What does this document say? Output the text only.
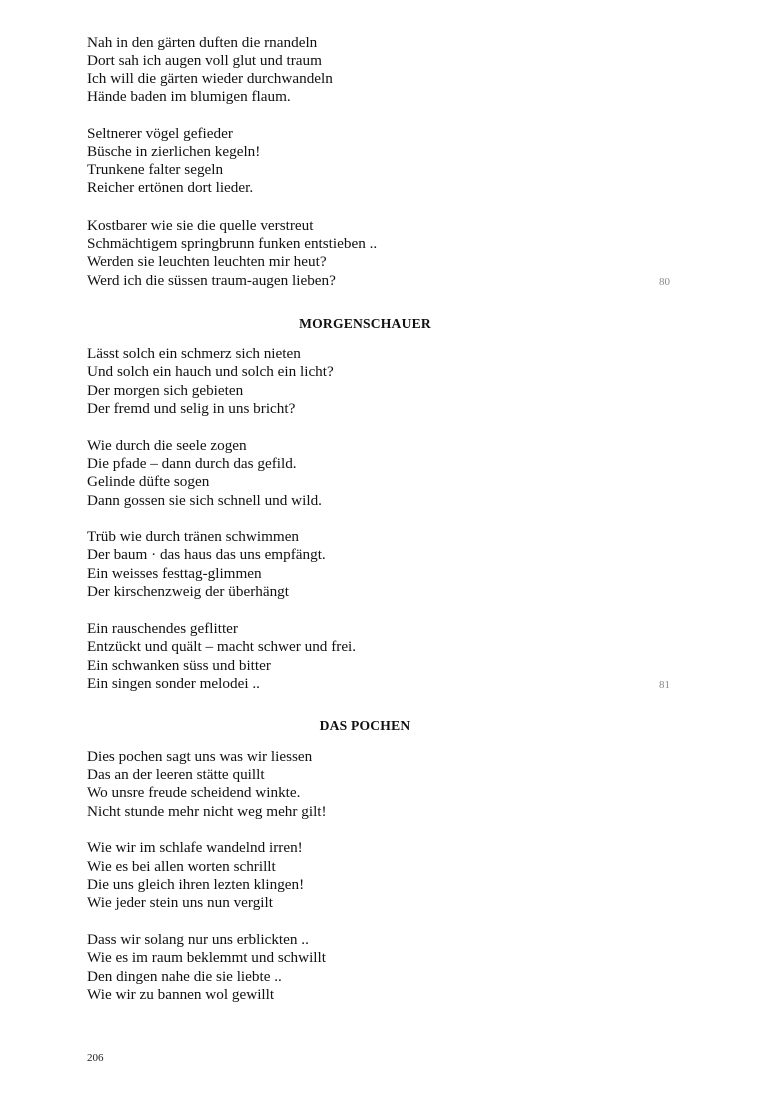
Nah in den gärten duften die rnandeln
Dort sah ich augen voll glut und traum
Ich will die gärten wieder durchwandeln
Hände baden im blumigen flaum.
Seltnerer vögel gefieder
Büsche in zierlichen kegeln!
Trunkene falter segeln
Reicher ertönen dort lieder.
Kostbarer wie sie die quelle verstreut
Schmächtigem springbrunn funken entstieben ..
Werden sie leuchten leuchten mir heut?
Werd ich die süssen traum-augen lieben?	80
MORGENSCHAUER
Lässt solch ein schmerz sich nieten
Und solch ein hauch und solch ein licht?
Der morgen sich gebieten
Der fremd und selig in uns bricht?
Wie durch die seele zogen
Die pfade – dann durch das gefild.
Gelinde düfte sogen
Dann gossen sie sich schnell und wild.
Trüb wie durch tränen schwimmen
Der baum · das haus das uns empfängt.
Ein weisses festtag-glimmen
Der kirschenzweig der überhängt
Ein rauschendes geflitter
Entzückt und quält – macht schwer und frei.
Ein schwanken süss und bitter
Ein singen sonder melodei ..	81
DAS POCHEN
Dies pochen sagt uns was wir liessen
Das an der leeren stätte quillt
Wo unsre freude scheidend winkte.
Nicht stunde mehr nicht weg mehr gilt!
Wie wir im schlafe wandelnd irren!
Wie es bei allen worten schrillt
Die uns gleich ihren lezten klingen!
Wie jeder stein uns nun vergilt
Dass wir solang nur uns erblickten ..
Wie es im raum beklemmt und schwillt
Den dingen nahe die sie liebte ..
Wie wir zu bannen wol gewillt
206
